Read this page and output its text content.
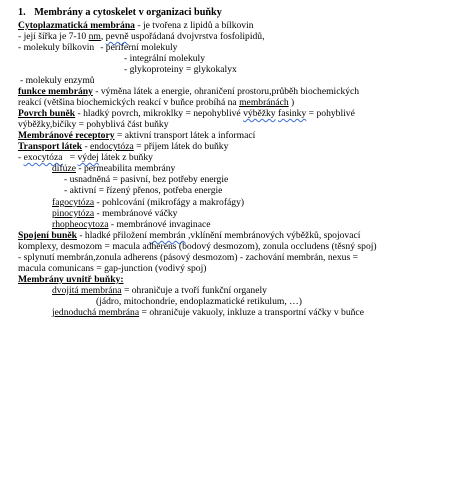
1. Membrány a cytoskelet v organizaci buňky
Cytoplazmatická membrána - je tvořena z lipidů a bílkovin
- její šířka je 7-10 nm, pevně uspořádaná dvojvrstva fosfolipidů,
- molekuly bílkovin - periferní molekuly
- integrální molekuly
- glykoproteiny = glykokalyx
- molekuly enzymů
funkce membrány - výměna látek a energie, ohraničení prostoru,průběh biochemických
reakcí (většina biochemických reakcí v buňce probíhá na membránách )
Povrch buněk - hladký povrch, mikroklky = nepohyblivé výběžky fasinky = pohyblivé
výběžky,bičíky = pohyblivá část buňky
Membránové receptory = aktivní transport látek a informací
Transport látek - endocytóza = příjem látek do buňky
- exocytóza   = výdej látek z buňky
difúze - permeabilita membrány
- usnadněná = pasivní, bez potřeby energie
- aktivní = řízený přenos, potřeba energie
fagocytóza - pohlcování (mikrofágy a makrofágy)
pinocytóza - membránové váčky
rhopheocytoza - membránové invaginace
Spojení buněk - hladké přiložení membrán ,vklínění membránových výběžků, spojovací
komplexy, desmozom = macula adherens (bodový desmozom), zonula occludens (těsný spoj)
- splynutí membrán,zonula adherens (pásový desmozom) - zachování membrán, nexus =
macula comunicans = gap-junction (vodivý spoj)
Membrány uvnitř buňky:
dvojitá membrána = ohraničuje a tvoří funkční organely
(jádro, mitochondrie, endoplazmatické retikulum, …)
jednoduchá membrána = ohraničuje vakuoly, inkluze a transportní váčky v buňce
